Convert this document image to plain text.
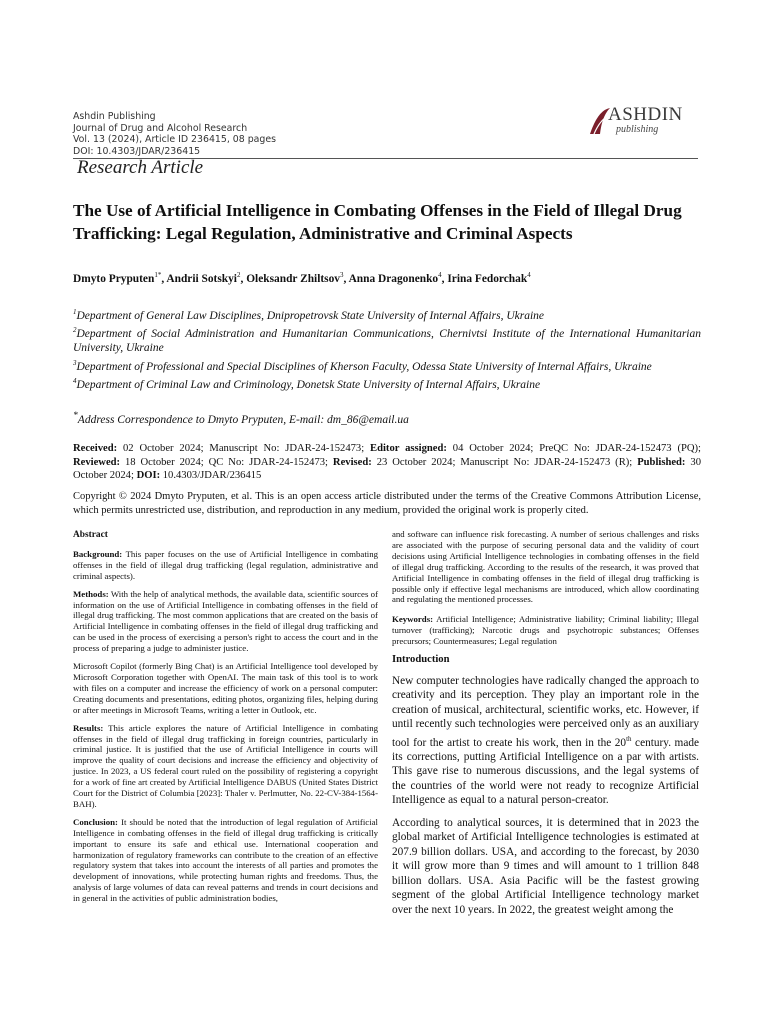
Ashdin Publishing
Journal of Drug and Alcohol Research
Vol. 13 (2024), Article ID 236415, 08 pages
DOI: 10.4303/JDAR/236415
ASHDIN
publishing
Research Article
The Use of Artificial Intelligence in Combating Offenses in the Field of Illegal Drug Trafficking: Legal Regulation, Administrative and Criminal Aspects
Dmyto Pryputen$^{1*}$, Andrii Sotskyi$^2$, Oleksandr Zhiltsov$^3$, Anna Dragonenko$^4$, Irina Fedorchak$^4$

$^1$Department of General Law Disciplines, Dnipropetrovsk State University of Internal Affairs, Ukraine

$^2$Department of Social Administration and Humanitarian Communications, Chernivtsi Institute of the International Humanitarian University, Ukraine

$^3$Department of Professional and Special Disciplines of Kherson Faculty, Odessa State University of Internal Affairs, Ukraine

$^4$Department of Criminal Law and Criminology, Donetsk State University of Internal Affairs, Ukraine

*Address Correspondence to Dmyto Pryputen, E-mail: dm_86@email.ua
Received: 02 October 2024; Manuscript No: JDAR-24-152473; Editor assigned: 04 October 2024; PreQC No: JDAR-24-152473 (PQ); Reviewed: 18 October 2024; QC No: JDAR-24-152473; Revised: 23 October 2024; Manuscript No: JDAR-24-152473 (R); Published: 30 October 2024; DOI: 10.4303/JDAR/236415
Copyright © 2024 Dmyto Pryputen, et al. This is an open access article distributed under the terms of the Creative Commons Attribution License, which permits unrestricted use, distribution, and reproduction in any medium, provided the original work is properly cited.
Abstract

Background: This paper focuses on the use of Artificial Intelligence in combating offenses in the field of illegal drug trafficking (legal regulation, administrative and criminal aspects).

Methods: With the help of analytical methods, the available data, scientific sources of information on the use of Artificial Intelligence in combating offenses in the field of illegal drug trafficking. The most common applications that are created on the basis of Artificial Intelligence in combating offenses in the field of illegal drug trafficking and can be used in the process of exercising a person's right to access the court and in the process of preparing a judge to administer justice.

Microsoft Copilot (formerly Bing Chat) is an Artificial Intelligence tool developed by Microsoft Corporation together with OpenAI. The main task of this tool is to work with files on a computer and increase the efficiency of work on a personal computer: Creating documents and presentations, editing photos, organizing files, helping during or after meetings in Microsoft Teams, writing a letter in Outlook, etc.

Results: This article explores the nature of Artificial Intelligence in combating offenses in the field of illegal drug trafficking in foreign countries, particularly in criminal justice. It is justified that the use of Artificial Intelligence in courts will improve the quality of court decisions and increase the efficiency and objectivity of justice. In 2023, a US federal court ruled on the possibility of registering a copyright for a work of fine art created by Artificial Intelligence DABUS (United States District Court for the District of Columbia [2023]: Thaler v. Perlmutter, No. 22-CV-384-1564-BAH).

Conclusion: It should be noted that the introduction of legal regulation of Artificial Intelligence in combating offenses in the field of illegal drug trafficking is critically important to ensure its safe and ethical use. International cooperation and harmonization of regulatory frameworks can contribute to the creation of an effective regulatory system that takes into account the interests of all parties and promotes the development of innovations, while protecting human rights and freedoms. Thus, the analysis of large volumes of data can reveal patterns and trends in court decisions and in general in the activities of public administration bodies,

and software can influence risk forecasting. A number of serious challenges and risks are associated with the purpose of securing personal data and the validity of court decisions using Artificial Intelligence technologies in combating offenses in the field of illegal drug trafficking. According to the results of the research, it was proved that Artificial Intelligence in combating offenses in the field of illegal drug trafficking is possible only if effective legal mechanisms are introduced, which allow coordinating and regulating the mentioned processes.

Keywords: Artificial Intelligence; Administrative liability; Criminal liability; Illegal turnover (trafficking); Narcotic drugs and psychotropic substances; Offenses precursors; Countermeasures; Legal regulation

Introduction

New computer technologies have radically changed the approach to creativity and its perception. They play an important role in the creation of musical, architectural, scientific works, etc. However, if until recently such technologies were perceived only as an auxiliary tool for the artist to create his work, then in the 20th century. made its corrections, putting Artificial Intelligence on a par with artists. This gave rise to numerous discussions, and the legal systems of the countries of the world were not ready to recognize Artificial Intelligence as equal to a natural person-creator.

According to analytical sources, it is determined that in 2023 the global market of Artificial Intelligence technologies is estimated at 207.9 billion dollars. USA, and according to the forecast, by 2030 it will grow more than 9 times and will amount to 1 trillion 848 billion dollars. USA. Asia Pacific will be the fastest growing segment of the global Artificial Intelligence technology market over the next 10 years. In 2022, the greatest weight among the
